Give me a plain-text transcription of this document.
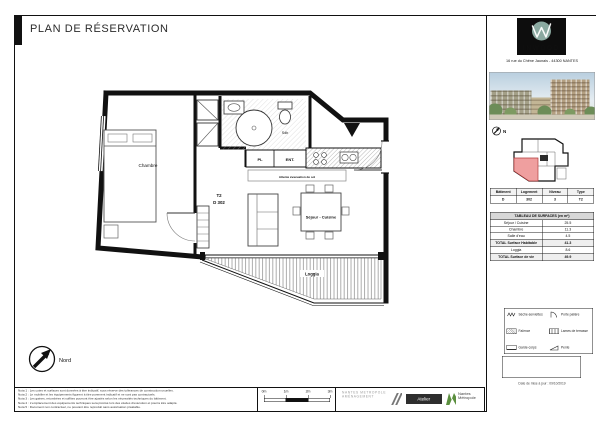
PLAN DE RÉSERVATION
Chambre
Sdb
PL	ENT.
Attente évacuation de sol
T2
D 302
Séjour - Cuisine
Loggia
Nord
INWOOD
16 rue du Chêne Jaunais - 44300 NANTES
N
Bâtiment	Logement	Niveau	Type
D	302	3	T2
TABLEAU DE SURFACES (en m²)	
Séjour / Cuisine	25.5
Chambre	11.3
Salle d'eau	4.5
TOTAL Surface Habitable	41.3
Loggia	8.6
TOTAL Surface de vie	49.9
Sèche-serviettes	Porte palière
Faïence	Lames de terrasse
Garde-corps	Pente
Date de mise à jour : 09/10/2019
Nota 1 : Les cotes et surfaces sont données à titre indicatif, sous réserve des tolérances de construction usuelles.
Nota 2 : Le mobilier et les équipements figurent à titre purement indicatif et ne sont pas contractuels.
Nota 3 : Les gaines, retombées et soffites pourront être ajustés selon les nécessités techniques du bâtiment.
Nota 4 : L'emplacement des équipements techniques sera précisé lors des études d'exécution et pourra être adapté.
Nota 5 : Document non contractuel, ne pouvant être reproduit sans autorisation préalable.
0m	1m	2m	3m	NANTES MÉTROPOLE
AMÉNAGEMENT	Atelier
Nantes
Métropole
